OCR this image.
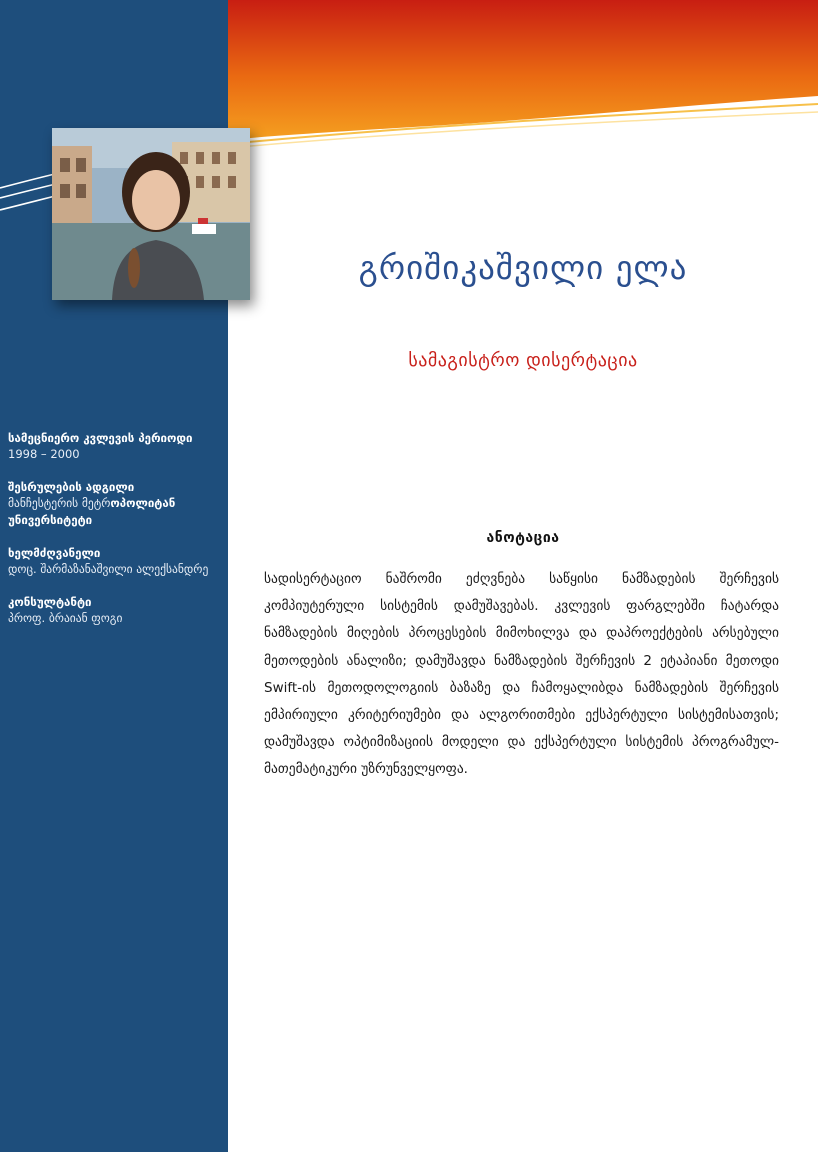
გრიშიკაშვილი ელა
სამაგისტრო დისერტაცია
სამეცნიერო კვლევის პერიოდი
1998 – 2000
შესრულების ადგილი
მანჩესტერის მეტროპოლიტან უნივერსიტეტი
ხელმძღვანელი
დოც. შარმაზანაშვილი ალექსანდრე
კონსულტანტი
პროფ. ბრაიან ფოგი
ანოტაცია
სადისერტაციო ნაშრომი ეძღვნება საწყისი ნამზადების შერჩევის კომპიუტერული სისტემის დამუშავებას. კვლევის ფარგლებში ჩატარდა ნამზადების მიღების პროცესების მიმოხილვა და დაპროექტების არსებული მეთოდების ანალიზი; დამუშავდა ნამზადების შერჩევის 2 ეტაპიანი მეთოდი Swift-ის მეთოდოლოგიის ბაზაზე და ჩამოყალიბდა ნამზადების შერჩევის ემპირიული კრიტერიუმები და ალგორითმები ექსპერტული სისტემისათვის; დამუშავდა ოპტიმიზაციის მოდელი და ექსპერტული სისტემის პროგრამულ-მათემატიკური უზრუნველყოფა.
